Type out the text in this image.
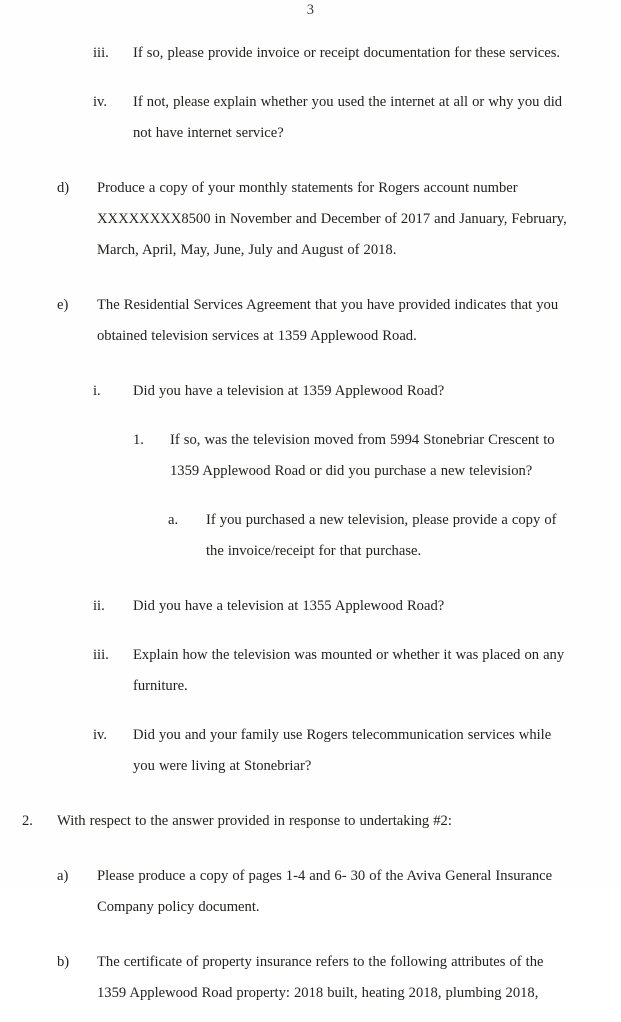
3
iii. If so, please provide invoice or receipt documentation for these services.
iv. If not, please explain whether you used the internet at all or why you did not have internet service?
d) Produce a copy of your monthly statements for Rogers account number XXXXXXXX8500 in November and December of 2017 and January, February, March, April, May, June, July and August of 2018.
e) The Residential Services Agreement that you have provided indicates that you obtained television services at 1359 Applewood Road.
i. Did you have a television at 1359 Applewood Road?
1. If so, was the television moved from 5994 Stonebriar Crescent to 1359 Applewood Road or did you purchase a new television?
a. If you purchased a new television, please provide a copy of the invoice/receipt for that purchase.
ii. Did you have a television at 1355 Applewood Road?
iii. Explain how the television was mounted or whether it was placed on any furniture.
iv. Did you and your family use Rogers telecommunication services while you were living at Stonebriar?
2. With respect to the answer provided in response to undertaking #2:
a) Please produce a copy of pages 1-4 and 6- 30 of the Aviva General Insurance Company policy document.
b) The certificate of property insurance refers to the following attributes of the 1359 Applewood Road property: 2018 built, heating 2018, plumbing 2018,
